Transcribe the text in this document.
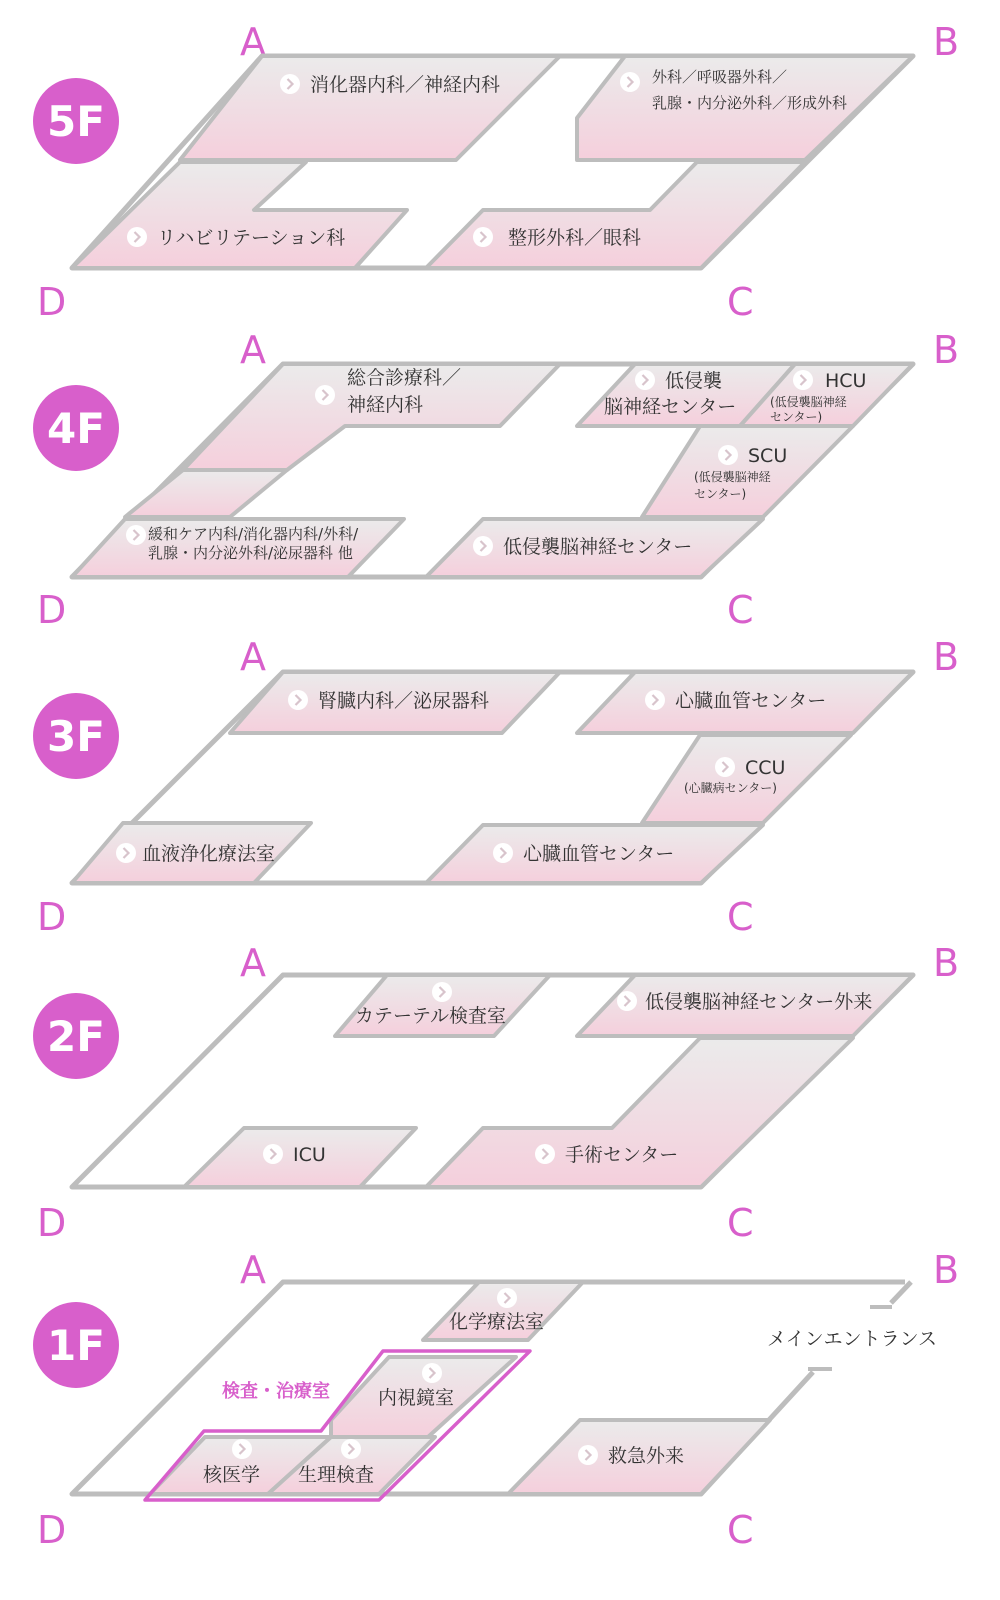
A	B
C
D
5F
消化器内科／神経内科	外科／呼吸器外科／
乳腺・内分泌外科／形成外科
リハビリテーション科	整形外科／眼科
A	B
C
D
4F
総合診療科／
神経内科
低侵襲
脳神経センター
HCU
(低侵襲脳神経
センター)
SCU
(低侵襲脳神経
センター)
緩和ケア内科/消化器内科/外科/
乳腺・内分泌外科/泌尿器科 他	低侵襲脳神経センター
A	B
C
D
3F
腎臓内科／泌尿器科	心臓血管センター
CCU
(心臓病センター)
血液浄化療法室	心臓血管センター
A	B
C
D
2F	カテーテル検査室
低侵襲脳神経センター外来
ICU	手術センター
A	B
C
D
1F
検査・治療室
化学療法室
内視鏡室
核医学 生理検査
救急外来
メインエントランス
